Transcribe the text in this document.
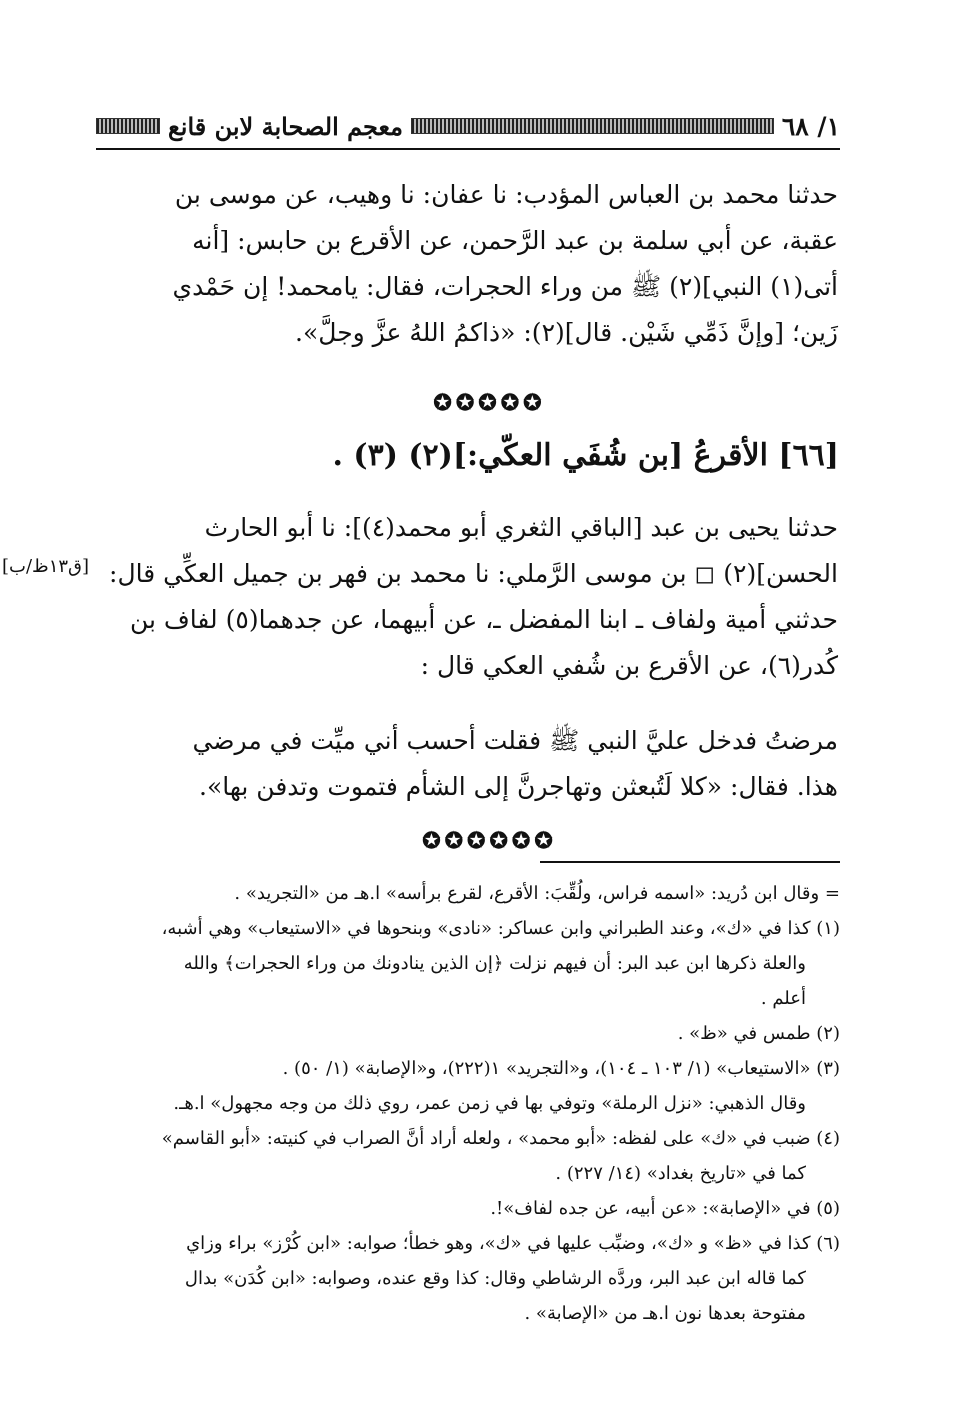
١/ ٦٨
معجم الصحابة لابن قانع

حدثنا محمد بن العباس المؤدب: نا عفان: نا وهيب، عن موسى بن

عقبة، عن أبي سلمة بن عبد الرَّحمن، عن الأقرع بن حابس: [أنه

أتى(١) النبي](٢) ﷺ من وراء الحجرات، فقال: يامحمد! إن حَمْدي

زَين؛ [وإنَّ ذَمِّي شَيْن. قال](٢): «ذاكمُ اللهُ عزَّ وجلَّ».

✪✪✪✪✪
[٦٦] الأقرعُ [بن شُفَي العكّي:](٢) (٣) .
[ق١٣ظ/ب]

حدثنا يحيى بن عبد [الباقي الثغري أبو محمد(٤)]: نا أبو الحارث

الحسن](٢) ◻ بن موسى الرَّملي: نا محمد بن فهر بن جميل العكِّي قال:

حدثني أمية ولفاف ـ ابنا المفضل ـ، عن أبيهما، عن جدهما(٥) لفاف بن

كُدر(٦)، عن الأقرع بن شُفي العكي قال :

مرضتُ فدخل عليَّ النبي ﷺ فقلت أحسب أني ميِّت في مرضي

هذا. فقال: «كلا لَتُبعثن وتهاجرنَّ إلى الشأم فتموت وتدفن بها».

✪✪✪✪✪✪

= وقال ابن دُريد: «اسمه فراس، ولُقِّبَ: الأقرع، لقرع برأسه» ا.هـ من «التجريد» .

(١) كذا في «ك»، وعند الطبراني وابن عساكر: «نادى» وبنحوها في «الاستيعاب» وهي أشبه،

والعلة ذكرها ابن عبد البر: أن فيهم نزلت ﴿إن الذين ينادونك من وراء الحجرات﴾ والله

أعلم .

(٢) طمس في «ظ» .

(٣) «الاستيعاب» (١/ ١٠٣ ـ ١٠٤)، و«التجريد» ١(٢٢٢)، و«الإصابة» (١/ ٥٠) .

وقال الذهبي: «نزل الرملة» وتوفي بها في زمن عمر، روي ذلك من وجه مجهول» ا.هـ.

(٤) ضبب في «ك» على لفظه: «أبو محمد» ، ولعله أراد أنَّ الصراب في كنيته: «أبو القاسم»

كما في «تاريخ بغداد» (١٤/ ٢٢٧) .

(٥) في «الإصابة»: «عن أبيه، عن جده لفاف»!.

(٦) كذا في «ظ» و «ك»، وضبِّب عليها في «ك»، وهو خطأ؛ صوابه: «ابن كُرْز» براء وزاي

كما قاله ابن عبد البر، وردَّه الرشاطي وقال: كذا وقع عنده، وصوابه: «ابن كُدَن» بدال

مفتوحة بعدها نون ا.هـ من «الإصابة» .
